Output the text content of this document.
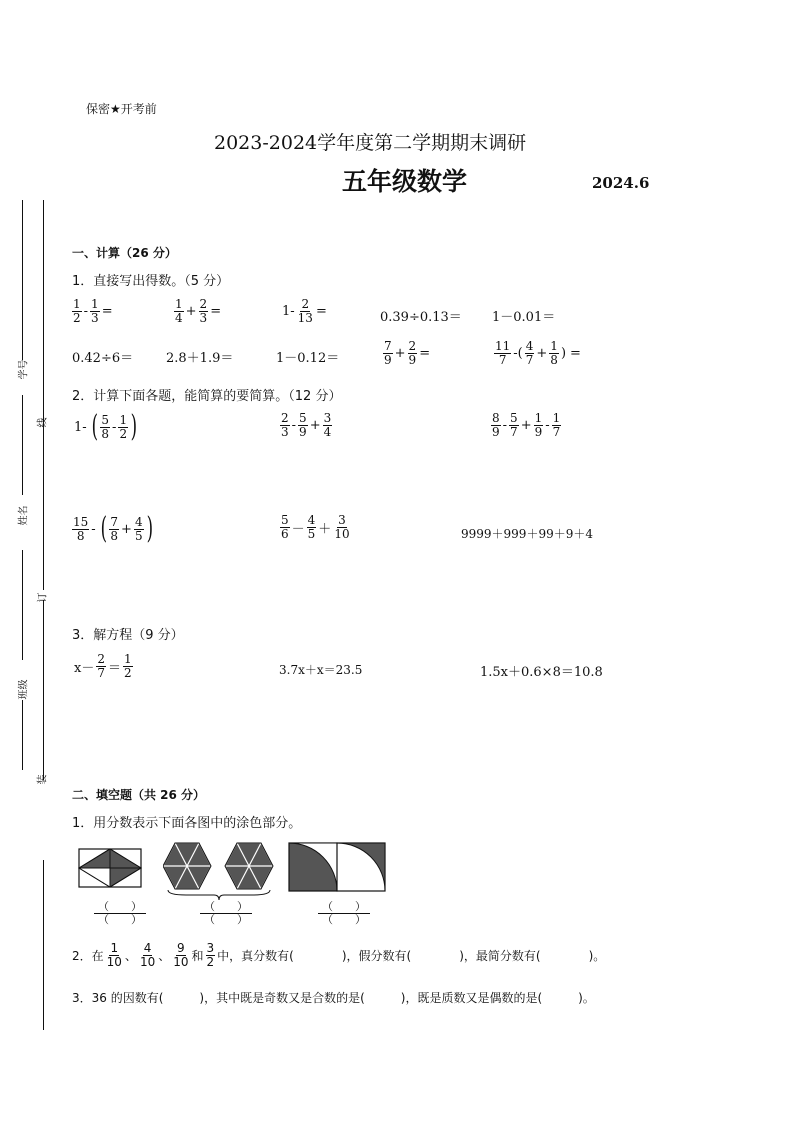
学号
姓名
班级
线
订
装
保密★开考前
2023-2024学年度第二学期期末调研
五年级数学	2024.6
一、计算（26 分）
1．直接写出得数。（5 分）
$\frac{1}{2} - \frac{1}{3}$ =	$\frac{1}{4} + \frac{2}{3}$ =	$1- \frac{2}{13}$ =	0.39÷0.13＝ 1－0.01＝
0.42÷6＝	2.8＋1.9＝	1－0.12＝	$\frac{7}{9} + \frac{2}{9}$ =	$\frac{11}{7}$ -( $\frac{4}{7} + \frac{1}{8}$ ) =
2．计算下面各题，能简算的要简算。（12 分）
1- ( $\frac{5}{8} - \frac{1}{2}$ )	$\frac{2}{3} - \frac{5}{9} + \frac{3}{4}$	$\frac{8}{9} - \frac{5}{7} + \frac{1}{9} - \frac{1}{7}$
$\frac{15}{8}$ - ( $\frac{7}{8} + \frac{4}{5}$ )	$\frac{5}{6} - \frac{4}{5} + \frac{3}{10}$	9999＋999＋99＋9＋4
3．解方程（9 分）
$x- \frac{2}{7} = \frac{1}{2}$	3.7x＋x＝23.5	1.5x＋0.6×8＝10.8
二、填空题（共 26 分）
1．用分数表示下面各图中的涂色部分。
（　　）
（　　）
（　　）
（　　）
（　　）
（　　）
2．在 $\frac{1}{10}$ 、 $\frac{4}{10}$ 、 $\frac{9}{10}$ 和 $\frac{3}{2}$ 中，真分数有(　　　　)，假分数有(　　　　)，最简分数有(　　　　)。
3．36 的因数有(　　　)，其中既是奇数又是合数的是(　　　)，既是质数又是偶数的是(　　　)。
